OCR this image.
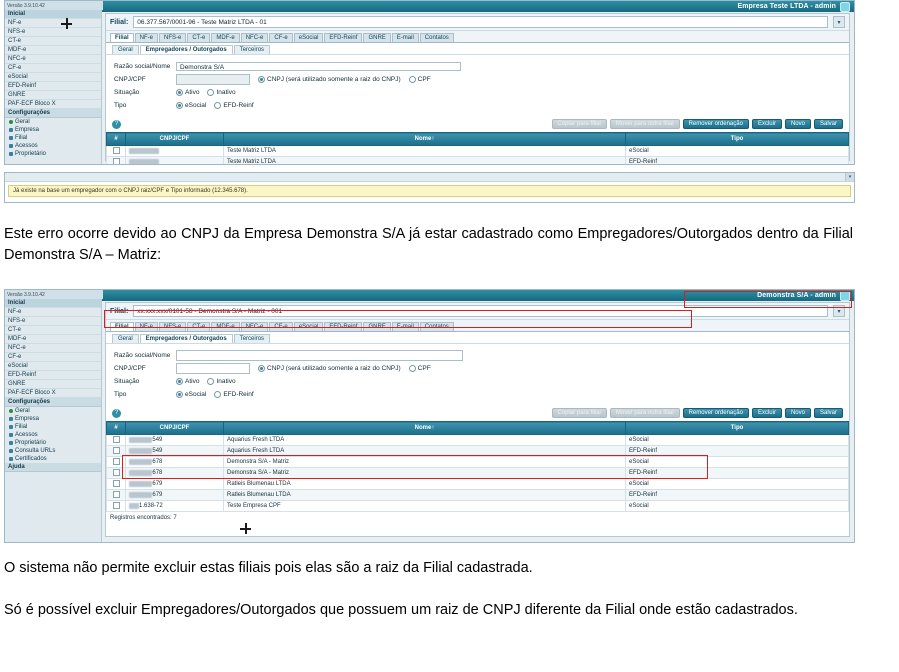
Empresa Teste LTDA - admin
Versão 3.9.10.42
Inicial
NF-e
NFS-e
CT-e
MDF-e
NFC-e
CF-e
eSocial
EFD-Reinf
GNRE
PAF-ECF Bloco X
Configurações
Geral
Empresa
Filial
Acessos
Proprietário
Filial:	06.377.567/0001-96 - Teste Matriz LTDA - 01	▾
Filial	NF-e	NFS-e	CT-e	MDF-e	NFC-e	CF-e	eSocial	EFD-Reinf	GNRE	E-mail	Contatos
Geral	Empregadores / Outorgados	Terceiros
Razão social/Nome	Demonstra S/A
CNPJ/CPF	CNPJ (será utilizado somente a raiz do CNPJ)	CPF
Situação	Ativo	Inativo
Tipo	eSocial	EFD-Reinf
?	Copiar para filial	Mover para outra filial	Remover ordenação	Excluir	Novo	Salvar
#	CNPJ/CPF	Nome↑	Tipo
		Teste Matriz LTDA	eSocial
		Teste Matriz LTDA	EFD-Reinf
▾
Já existe na base um empregador com o CNPJ raiz/CPF e Tipo informado (12.345.678).

Este erro ocorre devido ao CNPJ da Empresa Demonstra S/A já estar cadastrado como Empregadores/Outorgados dentro da Filial Demonstra S/A – Matriz:

Demonstra S/A - admin
Versão 3.9.10.42
Inicial
NF-e
NFS-e
CT-e
MDF-e
NFC-e
CF-e
eSocial
EFD-Reinf
GNRE
PAF-ECF Bloco X
Configurações
Geral
Empresa
Filial
Acessos
Proprietário
Consulta URLs
Certificados
Ajuda
Filial:	xx.xxx.xxx/0101-58 - Demonstra S/A - Matriz - 001	▾
Filial	NF-e	NFS-e	CT-e	MDF-e	NFC-e	CF-e	eSocial	EFD-Reinf	GNRE	E-mail	Contatos
Geral	Empregadores / Outorgados	Terceiros
Razão social/Nome
CNPJ/CPF	CNPJ (será utilizado somente a raiz do CNPJ)	CPF
Situação	Ativo	Inativo
Tipo	eSocial	EFD-Reinf
?	Copiar para filial	Mover para outra filial	Remover ordenação	Excluir	Novo	Salvar
#	CNPJ/CPF	Nome↑	Tipo
	549	Aquarius Fresh LTDA	eSocial
	549	Aquarius Fresh LTDA	EFD-Reinf
	678	Demonstra S/A - Matriz	eSocial
	678	Demonstra S/A - Matriz	EFD-Reinf
	679	Ratleis Blumenau LTDA	eSocial
	679	Ratleis Blumenau LTDA	EFD-Reinf
	1.638-72	Teste Empresa CPF	eSocial
Registros encontrados: 7

O sistema não permite excluir estas filiais pois elas são a raiz da Filial cadastrada.

Só é possível excluir Empregadores/Outorgados que possuem um raiz de CNPJ diferente da Filial onde estão cadastrados.
